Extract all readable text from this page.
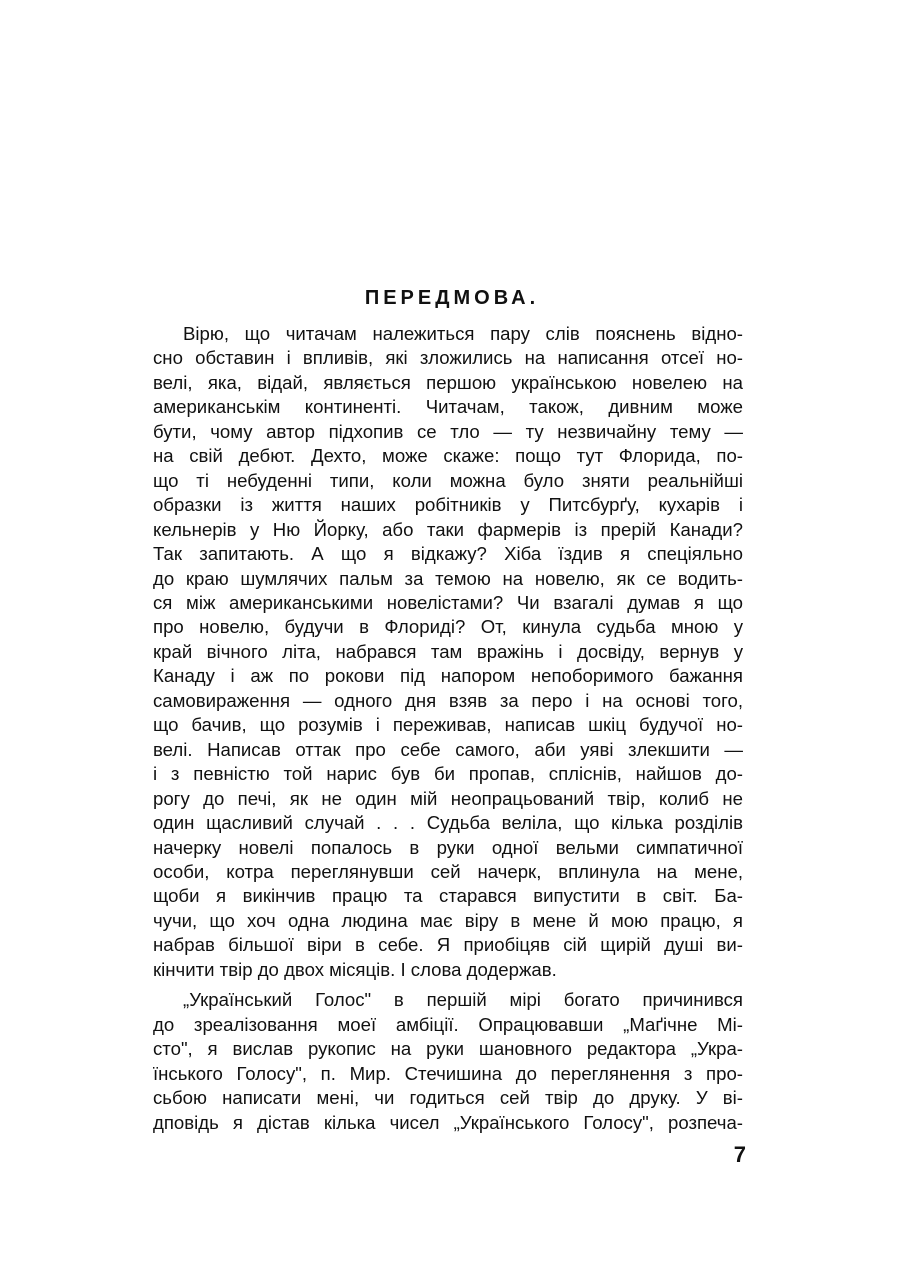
ПЕРЕДМОВА.
Вірю, що читачам належиться пару слів пояснень відно-
сно обставин і впливів, які зложились на написання отсеї но-
велі, яка, відай, являється першою українською новелею на
американськім континенті. Читачам, також, дивним може
бути, чому автор підхопив се тло — ту незвичайну тему —
на свій дебют. Дехто, може скаже: пощо тут Флорида, по-
що ті небуденні типи, коли можна було зняти реальнійші
образки із життя наших робітників у Питсбурґу, кухарів і
кельнерів у Ню Йорку, або таки фармерів із прерій Канади?
Так запитають. А що я відкажу? Хіба їздив я спеціяльно
до краю шумлячих пальм за темою на новелю, як се водить-
ся між американськими новелістами? Чи взагалі думав я що
про новелю, будучи в Флориді? От, кинула судьба мною у
край вічного літа, набрався там вражінь і досвіду, вернув у
Канаду і аж по рокови під напором непоборимого бажання
самовираження — одного дня взяв за перо і на основі того,
що бачив, що розумів і переживав, написав шкіц будучої но-
велі. Написав оттак про себе самого, аби уяві злекшити —
і з певністю той нарис був би пропав, спліснів, найшов до-
рогу до печі, як не один мій неопрацьований твір, колиб не
один щасливий случай . . . Судьба веліла, що кілька розділів
начерку новелі попалось в руки одної вельми симпатичної
особи, котра переглянувши сей начерк, вплинула на мене,
щоби я викінчив працю та старався випустити в світ. Ба-
чучи, що хоч одна людина має віру в мене й мою працю, я
набрав більшої віри в себе. Я приобіцяв сій щирій душі ви-
кінчити твір до двох місяців. І слова додержав.
„Український Голос" в першій мірі богато причинився
до зреалізовання моеї амбіції. Опрацювавши „Маґічне Мі-
сто", я вислав рукопис на руки шановного редактора „Укра-
їнського Голосу", п. Мир. Стечишина до переглянення з про-
сьбою написати мені, чи годиться сей твір до друку. У ві-
дповідь я дістав кілька чисел „Українського Голосу", розпеча-
7
